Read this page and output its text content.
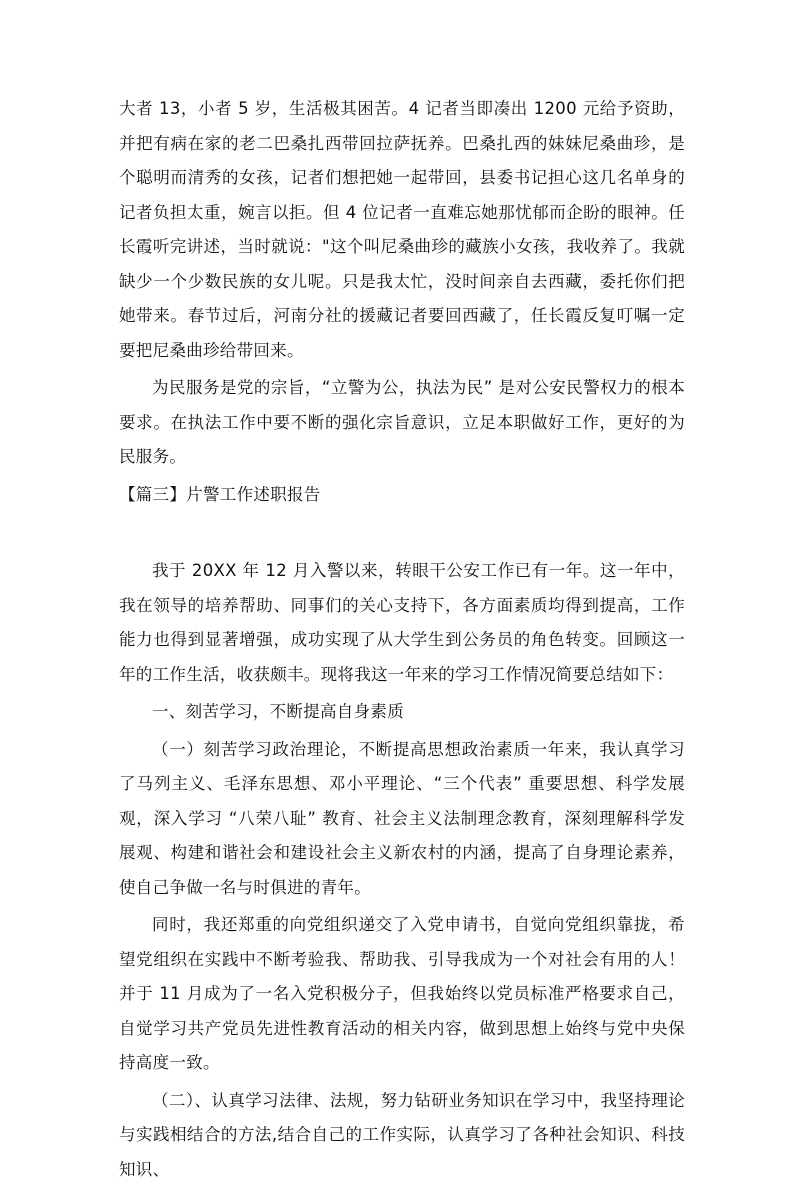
大者 13，小者 5 岁，生活极其困苦。4 记者当即凑出 1200 元给予资助，并把有病在家的老二巴桑扎西带回拉萨抚养。巴桑扎西的妹妹尼桑曲珍，是个聪明而清秀的女孩，记者们想把她一起带回，县委书记担心这几名单身的记者负担太重，婉言以拒。但 4 位记者一直难忘她那忧郁而企盼的眼神。任长霞听完讲述，当时就说："这个叫尼桑曲珍的藏族小女孩，我收养了。我就缺少一个少数民族的女儿呢。只是我太忙，没时间亲自去西藏，委托你们把她带来。春节过后，河南分社的援藏记者要回西藏了，任长霞反复叮嘱一定要把尼桑曲珍给带回来。

为民服务是党的宗旨，“立警为公，执法为民” 是对公安民警权力的根本要求。在执法工作中要不断的强化宗旨意识，立足本职做好工作，更好的为民服务。

【篇三】片警工作述职报告

我于 20XX 年 12 月入警以来，转眼干公安工作已有一年。这一年中，我在领导的培养帮助、同事们的关心支持下，各方面素质均得到提高，工作能力也得到显著增强，成功实现了从大学生到公务员的角色转变。回顾这一年的工作生活，收获颇丰。现将我这一年来的学习工作情况简要总结如下：

一、刻苦学习，不断提高自身素质

（一）刻苦学习政治理论，不断提高思想政治素质一年来，我认真学习了马列主义、毛泽东思想、邓小平理论、“三个代表” 重要思想、科学发展观，深入学习 “八荣八耻” 教育、社会主义法制理念教育，深刻理解科学发展观、构建和谐社会和建设社会主义新农村的内涵，提高了自身理论素养，使自己争做一名与时俱进的青年。

同时，我还郑重的向党组织递交了入党申请书，自觉向党组织靠拢，希望党组织在实践中不断考验我、帮助我、引导我成为一个对社会有用的人！并于 11 月成为了一名入党积极分子，但我始终以党员标准严格要求自己，自觉学习共产党员先进性教育活动的相关内容，做到思想上始终与党中央保持高度一致。

（二）、认真学习法律、法规，努力钻研业务知识在学习中，我坚持理论与实践相结合的方法,结合自己的工作实际，认真学习了各种社会知识、科技知识、
